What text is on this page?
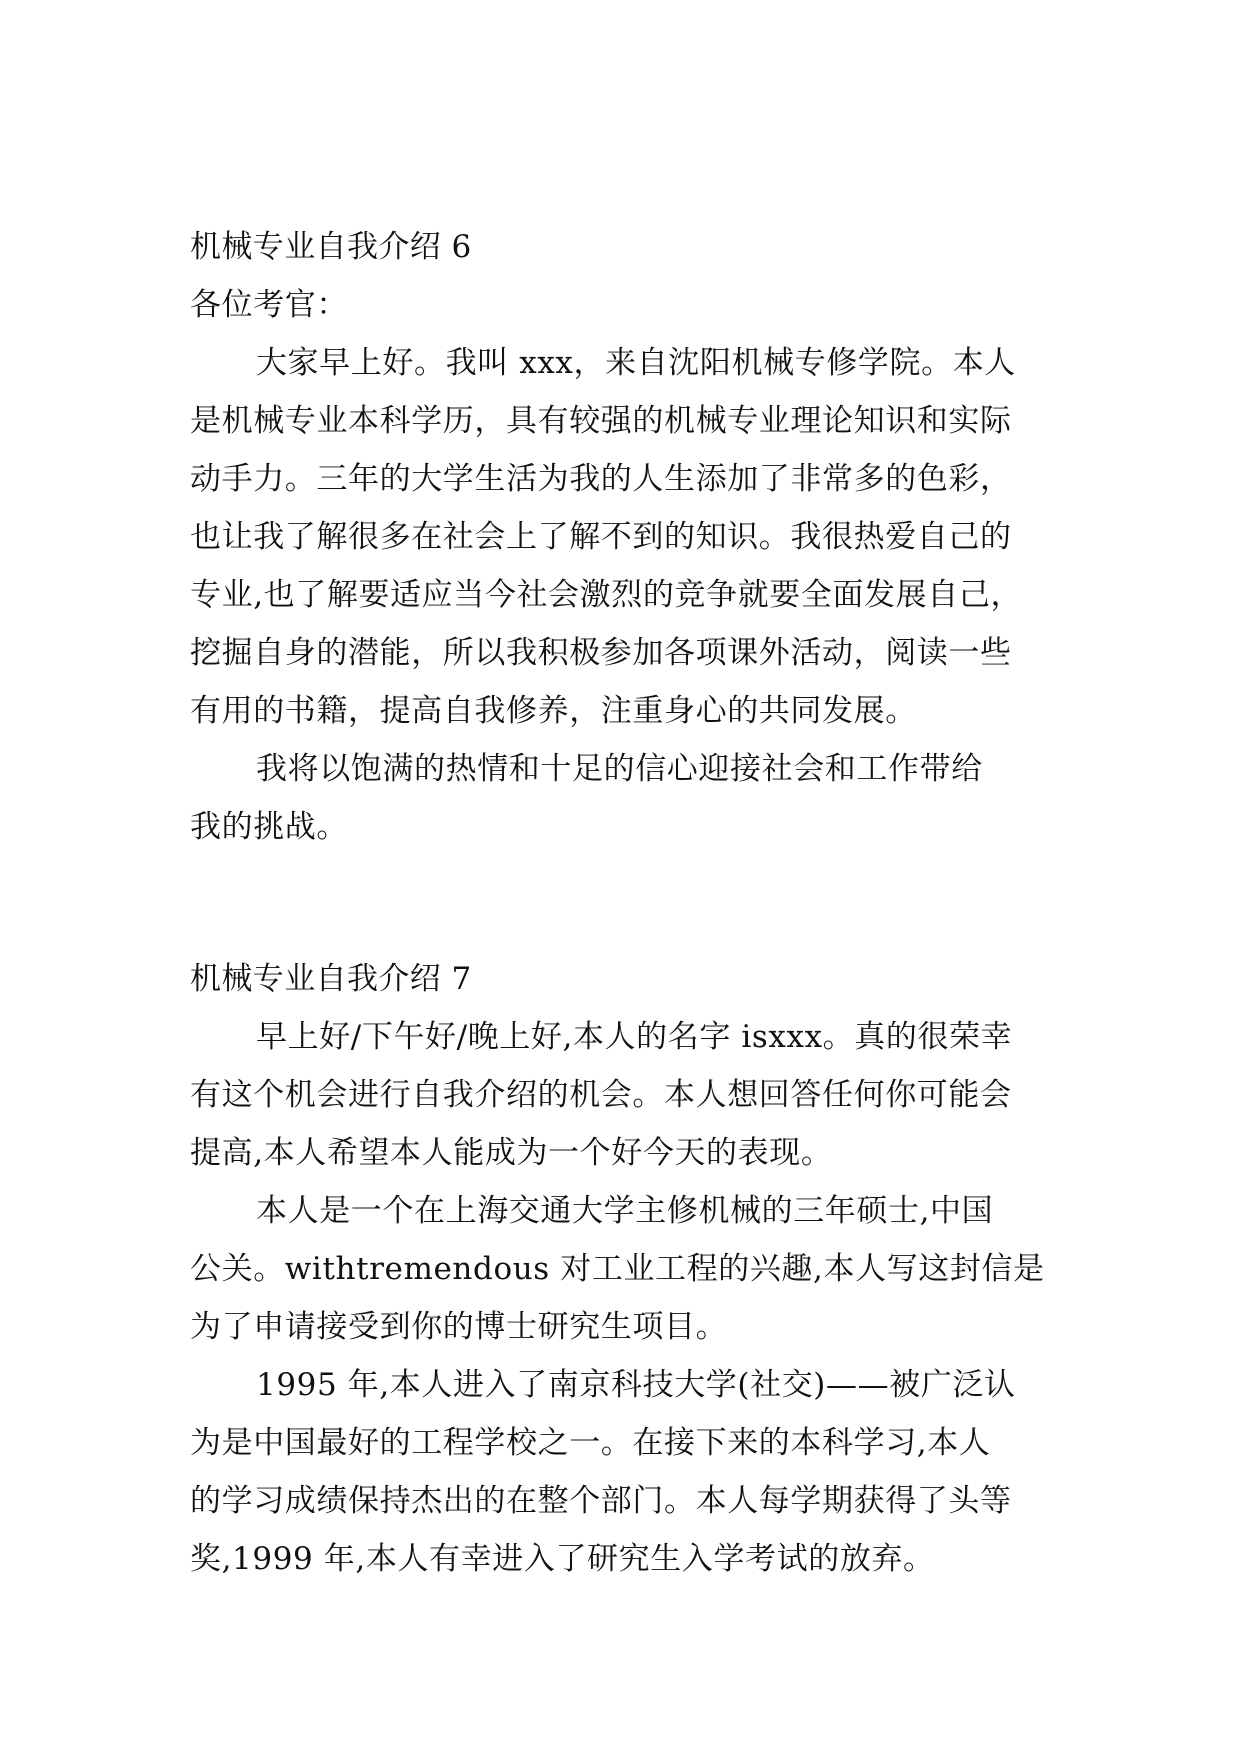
机械专业自我介绍 6
各位考官：
大家早上好。我叫 xxx，来自沈阳机械专修学院。本人
是机械专业本科学历，具有较强的机械专业理论知识和实际
动手力。三年的大学生活为我的人生添加了非常多的色彩，
也让我了解很多在社会上了解不到的知识。我很热爱自己的
专业,也了解要适应当今社会激烈的竞争就要全面发展自己，
挖掘自身的潜能，所以我积极参加各项课外活动，阅读一些
有用的书籍，提高自我修养，注重身心的共同发展。
我将以饱满的热情和十足的信心迎接社会和工作带给
我的挑战。
机械专业自我介绍 7
早上好/下午好/晚上好,本人的名字 isxxx。真的很荣幸
有这个机会进行自我介绍的机会。本人想回答任何你可能会
提高,本人希望本人能成为一个好今天的表现。
本人是一个在上海交通大学主修机械的三年硕士,中国
公关。withtremendous 对工业工程的兴趣,本人写这封信是
为了申请接受到你的博士研究生项目。
1995 年,本人进入了南京科技大学(社交)——被广泛认
为是中国最好的工程学校之一。在接下来的本科学习,本人
的学习成绩保持杰出的在整个部门。本人每学期获得了头等
奖,1999 年,本人有幸进入了研究生入学考试的放弃。
